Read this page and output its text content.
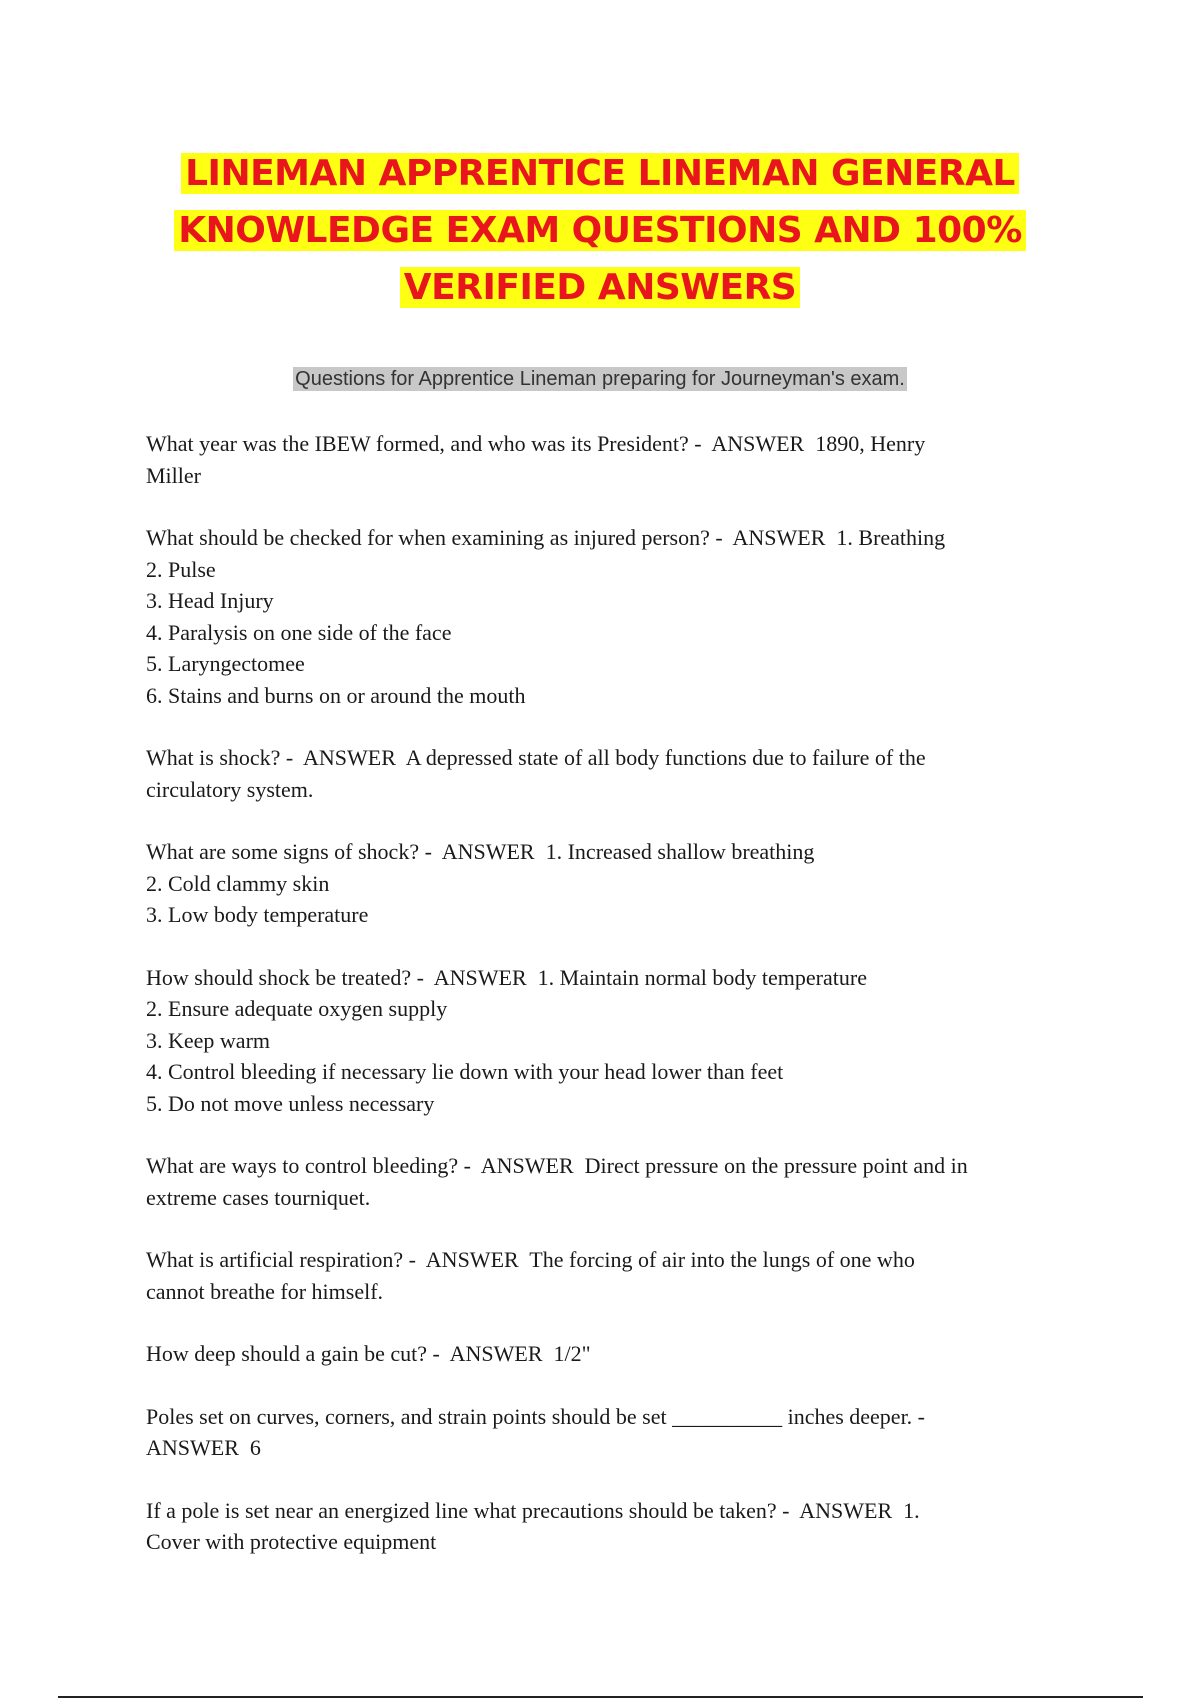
LINEMAN APPRENTICE LINEMAN GENERAL
KNOWLEDGE EXAM QUESTIONS AND 100%
VERIFIED ANSWERS
Questions for Apprentice Lineman preparing for Journeyman's exam.

What year was the IBEW formed, and who was its President? - ANSWER 1890, Henry

Miller

What should be checked for when examining as injured person? - ANSWER 1. Breathing

2. Pulse
3. Head Injury
4. Paralysis on one side of the face
5. Laryngectomee
6. Stains and burns on or around the mouth

What is shock? - ANSWER A depressed state of all body functions due to failure of the

circulatory system.

What are some signs of shock? - ANSWER 1. Increased shallow breathing

2. Cold clammy skin
3. Low body temperature

How should shock be treated? - ANSWER 1. Maintain normal body temperature

2. Ensure adequate oxygen supply
3. Keep warm
4. Control bleeding if necessary lie down with your head lower than feet
5. Do not move unless necessary

What are ways to control bleeding? - ANSWER Direct pressure on the pressure point and in

extreme cases tourniquet.

What is artificial respiration? - ANSWER The forcing of air into the lungs of one who

cannot breathe for himself.

How deep should a gain be cut? - ANSWER 1/2"

Poles set on curves, corners, and strain points should be set __________ inches deeper. -

ANSWER 6

If a pole is set near an energized line what precautions should be taken? - ANSWER 1.

Cover with protective equipment
